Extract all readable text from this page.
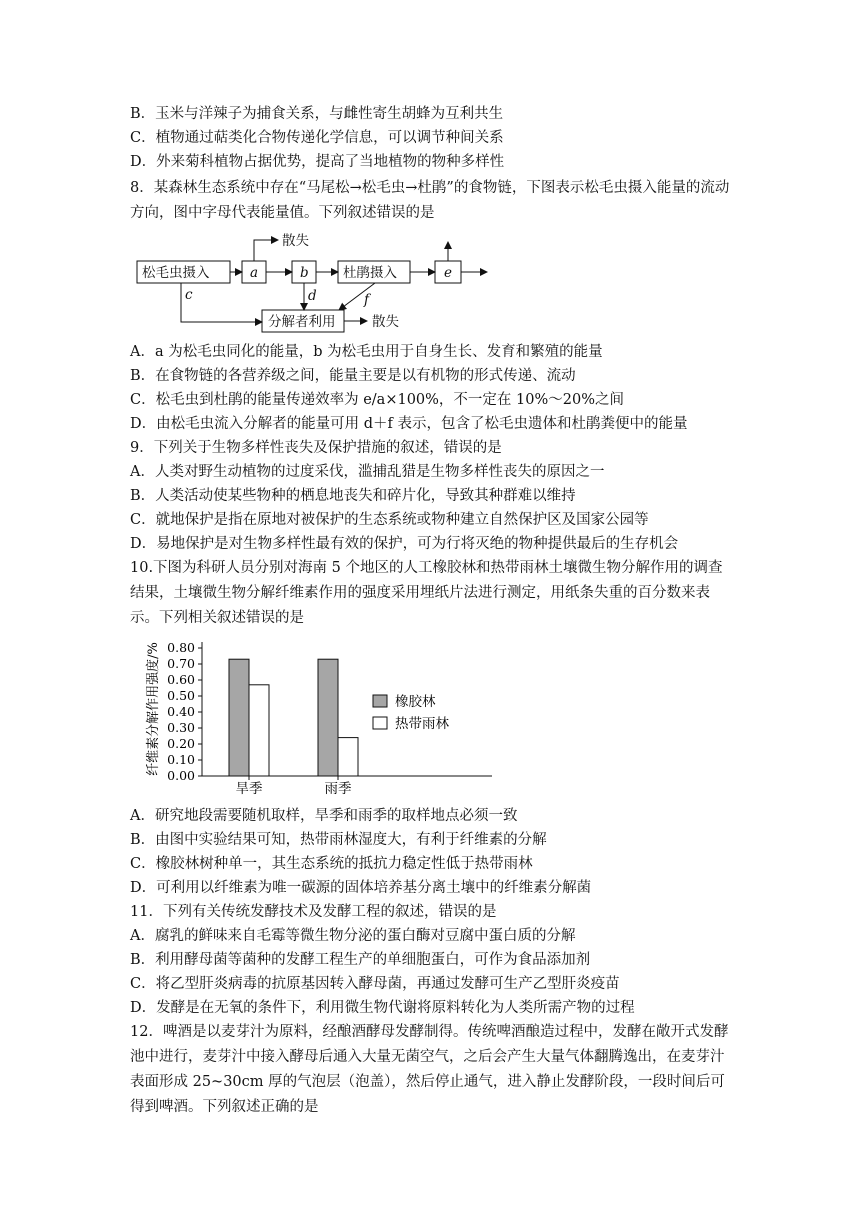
B．玉米与洋辣子为捕食关系，与雌性寄生胡蜂为互利共生
C．植物通过萜类化合物传递化学信息，可以调节种间关系
D．外来菊科植物占据优势，提高了当地植物的物种多样性
8．某森林生态系统中存在“马尾松→松毛虫→杜鹃”的食物链，下图表示松毛虫摄入能量的流动方向，图中字母代表能量值。下列叙述错误的是
松毛虫摄入	a	b	杜鹃摄入	e
分解者利用
散失
散失
c	d	f
A．a 为松毛虫同化的能量，b 为松毛虫用于自身生长、发育和繁殖的能量
B．在食物链的各营养级之间，能量主要是以有机物的形式传递、流动
C．松毛虫到杜鹃的能量传递效率为 e/a×100%，不一定在 10%～20%之间
D．由松毛虫流入分解者的能量可用 d＋f 表示，包含了松毛虫遗体和杜鹃粪便中的能量
9．下列关于生物多样性丧失及保护措施的叙述，错误的是
A．人类对野生动植物的过度采伐，滥捕乱猎是生物多样性丧失的原因之一
B．人类活动使某些物种的栖息地丧失和碎片化，导致其种群难以维持
C．就地保护是指在原地对被保护的生态系统或物种建立自然保护区及国家公园等
D．易地保护是对生物多样性最有效的保护，可为行将灭绝的物种提供最后的生存机会
10.下图为科研人员分别对海南 5 个地区的人工橡胶林和热带雨林土壤微生物分解作用的调查结果，土壤微生物分解纤维素作用的强度采用埋纸片法进行测定，用纸条失重的百分数来表示。下列相关叙述错误的是
纤维素分解作用强度/% 0.00
0.10
0.20
0.30
0.40
0.50
0.60
0.70
0.80
旱季	雨季
橡胶林
热带雨林
A．研究地段需要随机取样，旱季和雨季的取样地点必须一致
B．由图中实验结果可知，热带雨林湿度大，有利于纤维素的分解
C．橡胶林树种单一，其生态系统的抵抗力稳定性低于热带雨林
D．可利用以纤维素为唯一碳源的固体培养基分离土壤中的纤维素分解菌
11．下列有关传统发酵技术及发酵工程的叙述，错误的是
A．腐乳的鲜味来自毛霉等微生物分泌的蛋白酶对豆腐中蛋白质的分解
B．利用酵母菌等菌种的发酵工程生产的单细胞蛋白，可作为食品添加剂
C．将乙型肝炎病毒的抗原基因转入酵母菌，再通过发酵可生产乙型肝炎疫苗
D．发酵是在无氧的条件下，利用微生物代谢将原料转化为人类所需产物的过程
12．啤酒是以麦芽汁为原料，经酿酒酵母发酵制得。传统啤酒酿造过程中，发酵在敞开式发酵池中进行，麦芽汁中接入酵母后通入大量无菌空气，之后会产生大量气体翻腾逸出，在麦芽汁表面形成 25~30cm 厚的气泡层（泡盖），然后停止通气，进入静止发酵阶段，一段时间后可得到啤酒。下列叙述正确的是
